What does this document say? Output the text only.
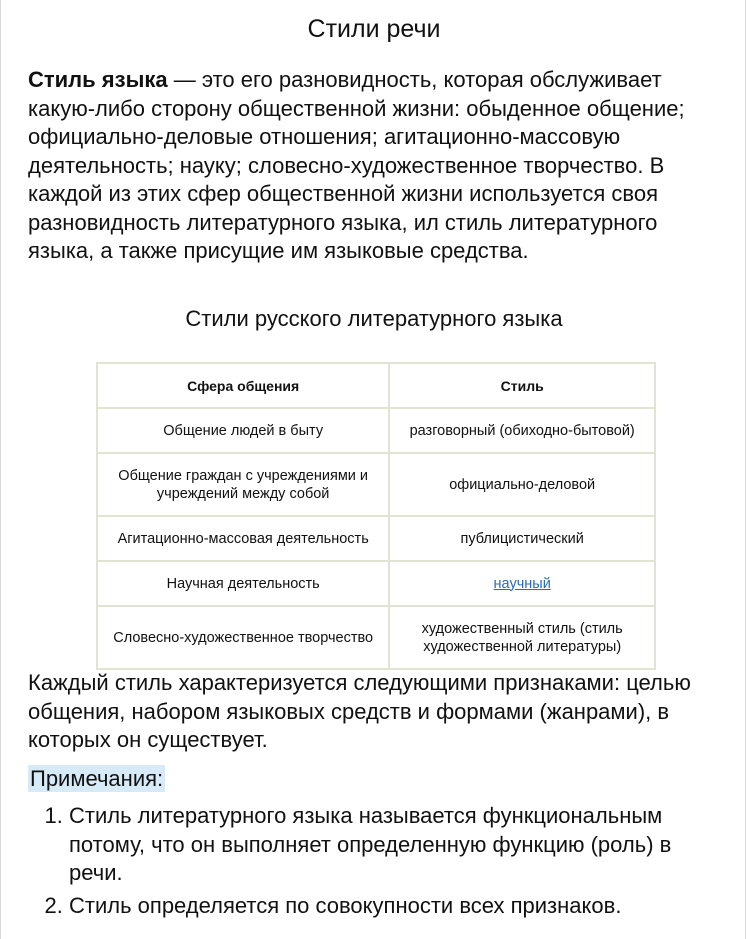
Стили речи
Стиль языка — это его разновидность, которая обслуживает какую-либо сторону общественной жизни: обыденное общение; официально-деловые отношения; агитационно-массовую деятельность; науку; словесно-художественное творчество. В каждой из этих сфер общественной жизни используется своя разновидность литературного языка, ил стиль литературного языка, а также присущие им языковые средства.
Стили русского литературного языка
Сфера общения	Стиль
Общение людей в быту	разговорный (обиходно-бытовой)
Общение граждан с учреждениями и учреждений между собой	официально-деловой
Агитационно-массовая деятельность	публицистический
Научная деятельность	научный
Словесно-художественное творчество	художественный стиль (стиль художественной литературы)
Каждый стиль характеризуется следующими признаками: целью общения, набором языковых средств и формами (жанрами), в которых он существует.
Примечания:
1. Стиль литературного языка называется функциональным потому, что он выполняет определенную функцию (роль) в речи.
2. Стиль определяется по совокупности всех признаков.
